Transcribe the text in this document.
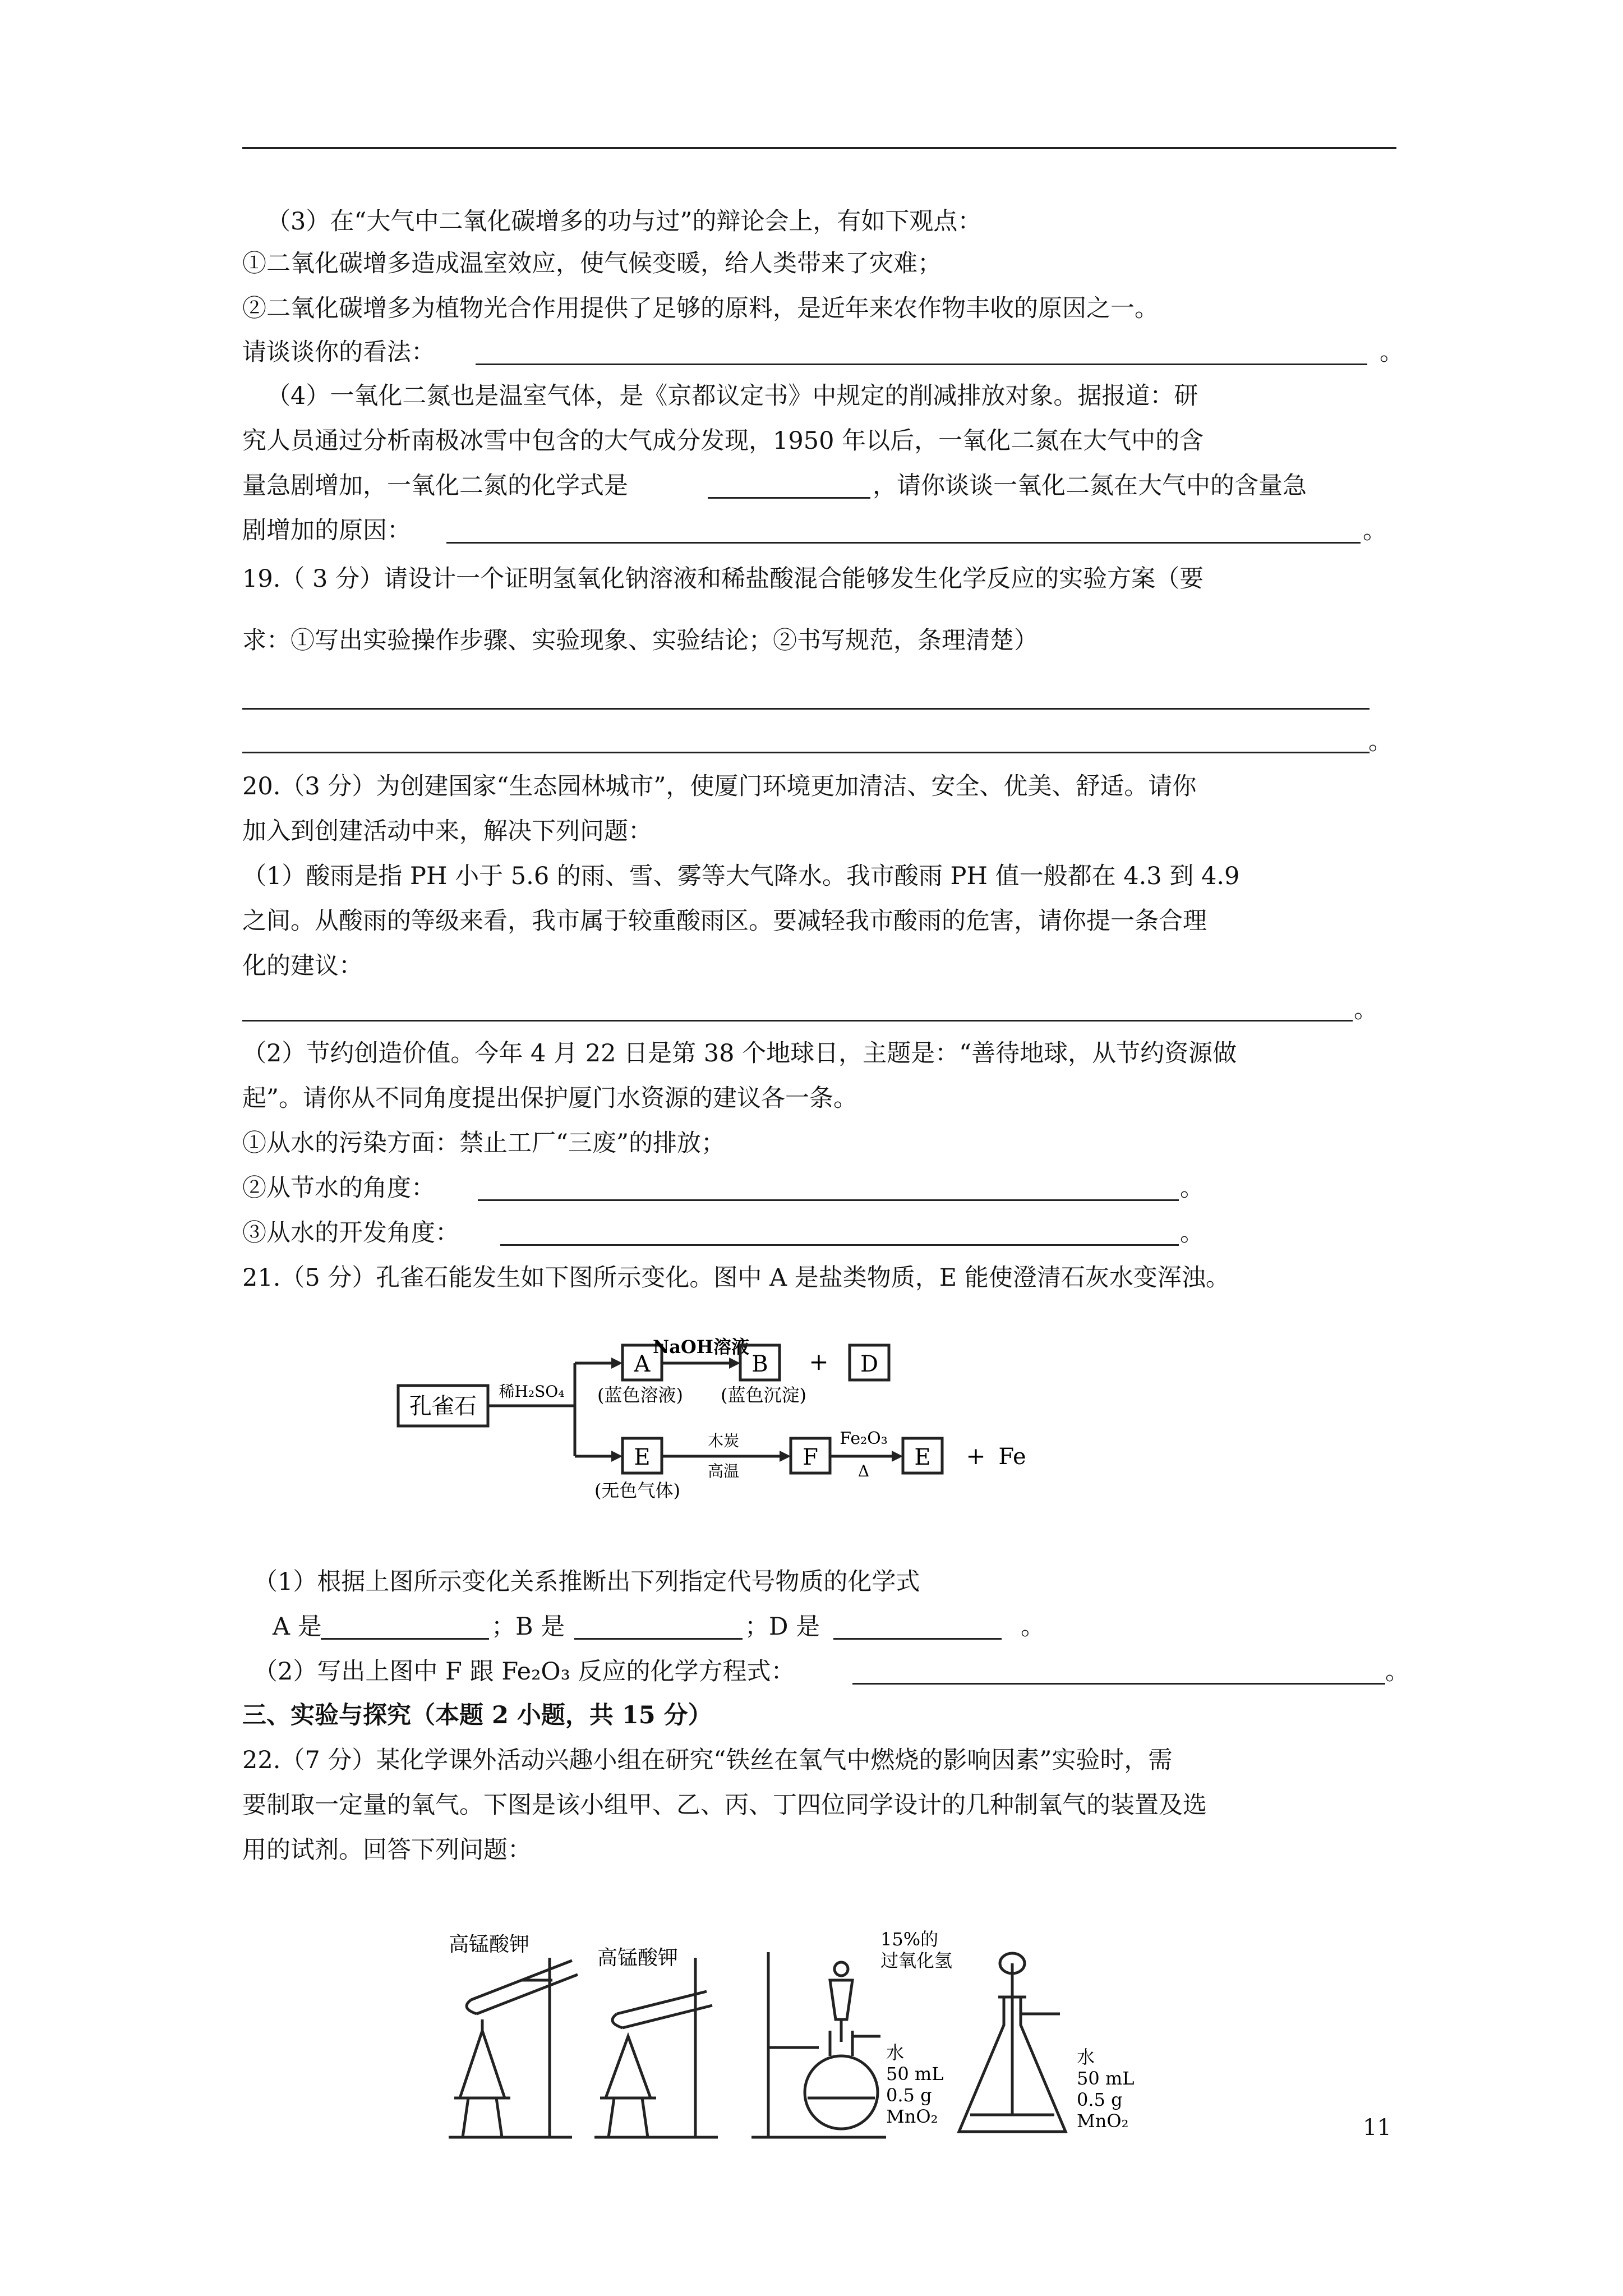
（3）在“大气中二氧化碳增多的功与过”的辩论会上，有如下观点：
①二氧化碳增多造成温室效应，使气候变暖，给人类带来了灾难；
②二氧化碳增多为植物光合作用提供了足够的原料，是近年来农作物丰收的原因之一。
请谈谈你的看法：	。
（4）一氧化二氮也是温室气体，是《京都议定书》中规定的削减排放对象。据报道：研
究人员通过分析南极冰雪中包含的大气成分发现，1950 年以后，一氧化二氮在大气中的含
量急剧增加，一氧化二氮的化学式是	，请你谈谈一氧化二氮在大气中的含量急
剧增加的原因：	。
19.（ 3 分）请设计一个证明氢氧化钠溶液和稀盐酸混合能够发生化学反应的实验方案（要
求：①写出实验操作步骤、实验现象、实验结论；②书写规范，条理清楚）
。
20.（3 分）为创建国家“生态园林城市”，使厦门环境更加清洁、安全、优美、舒适。请你
加入到创建活动中来，解决下列问题：
（1）酸雨是指 PH 小于 5.6 的雨、雪、雾等大气降水。我市酸雨 PH 值一般都在 4.3 到 4.9
之间。从酸雨的等级来看，我市属于较重酸雨区。要减轻我市酸雨的危害，请你提一条合理
化的建议：
。
（2）节约创造价值。今年 4 月 22 日是第 38 个地球日，主题是：“善待地球，从节约资源做
起”。请你从不同角度提出保护厦门水资源的建议各一条。
①从水的污染方面：禁止工厂“三废”的排放；
②从节水的角度：	。
③从水的开发角度：	。
21.（5 分）孔雀石能发生如下图所示变化。图中 A 是盐类物质，E 能使澄清石灰水变浑浊。
孔雀石
稀H₂SO₄
A
(蓝色溶液)
NaOH溶液
B
(蓝色沉淀)
+ D
E
(无色气体)
木炭
高温
F
Fe₂O₃
Δ
E + Fe
（1）根据上图所示变化关系推断出下列指定代号物质的化学式
A 是	；B 是	；D 是	。
（2）写出上图中 F 跟 Fe₂O₃ 反应的化学方程式：	。
三、实验与探究（本题 2 小题，共 15 分）
22.（7 分）某化学课外活动兴趣小组在研究“铁丝在氧气中燃烧的影响因素”实验时，需
要制取一定量的氧气。下图是该小组甲、乙、丙、丁四位同学设计的几种制氧气的装置及选
用的试剂。回答下列问题：
高锰酸钾
高锰酸钾
15%的
过氧化氢
水
50 mL
0.5 g
MnO₂
水
50 mL
0.5 g
MnO₂	11
